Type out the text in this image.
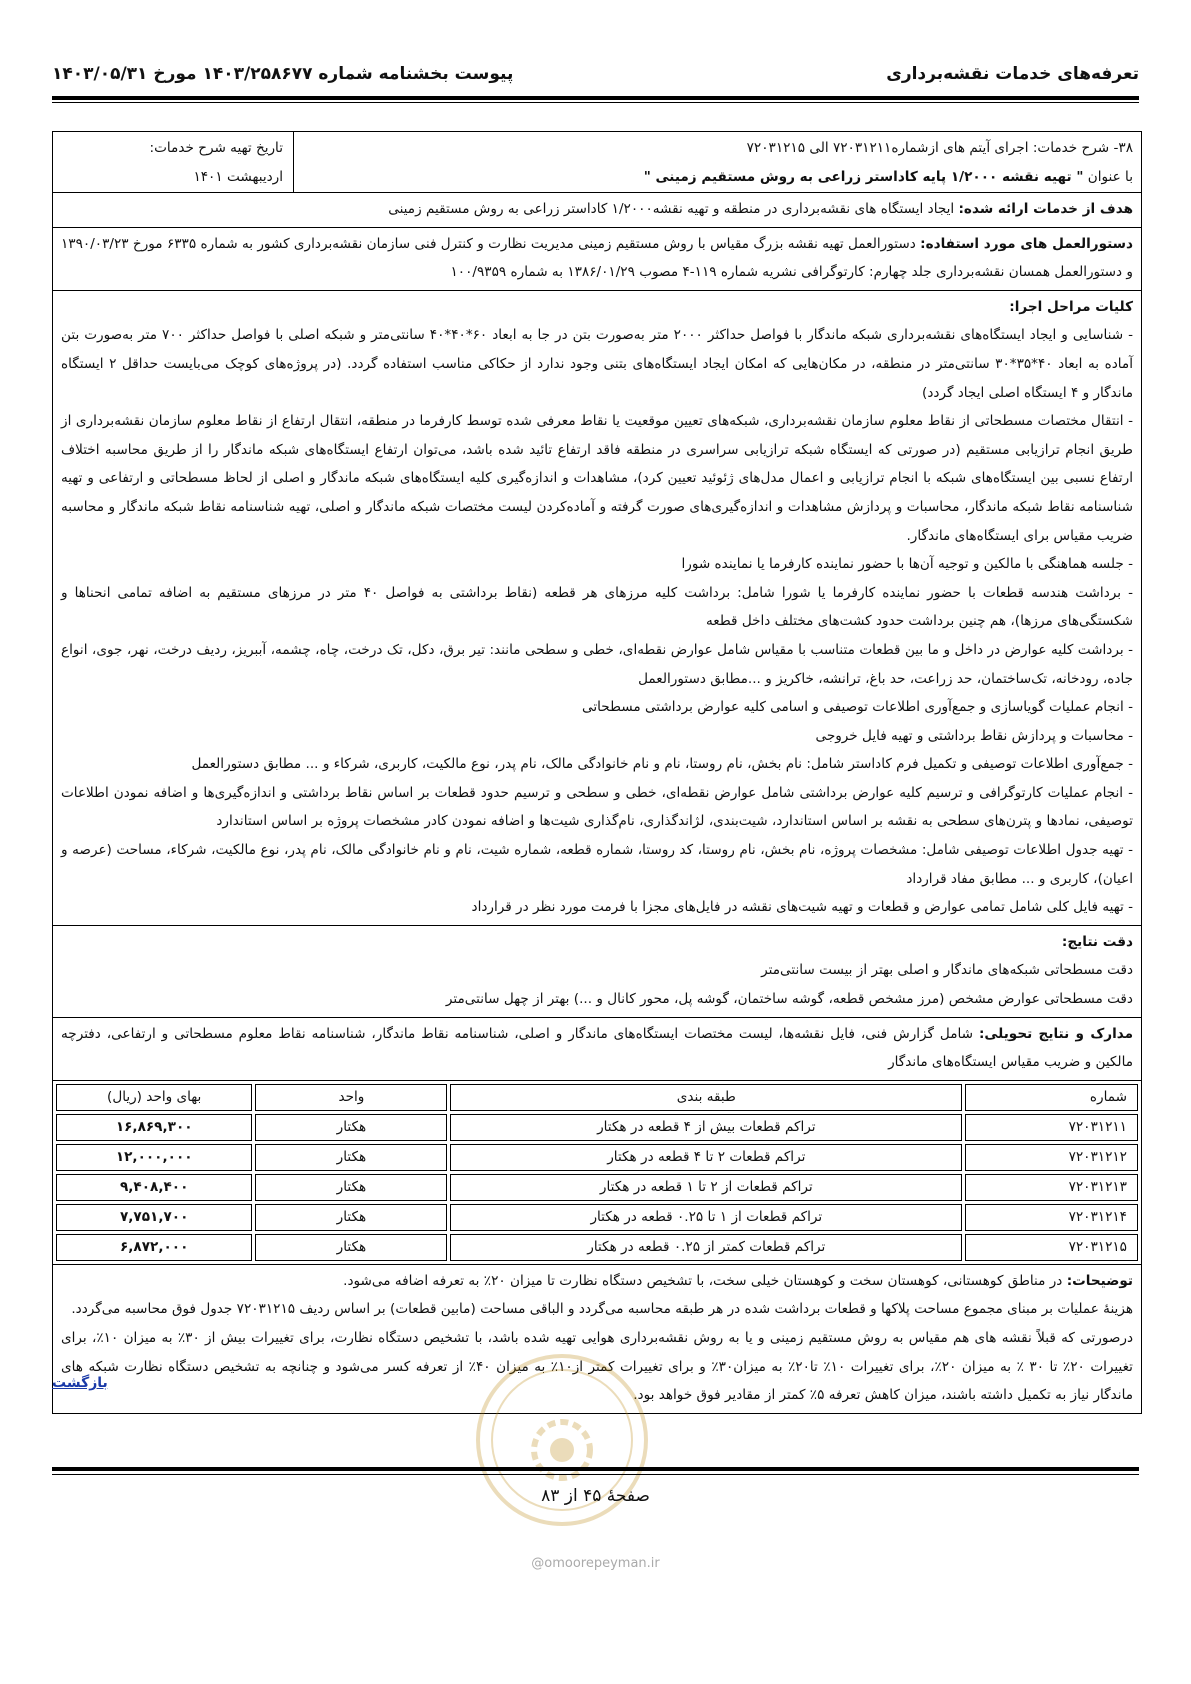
تعرفه‌های خدمات نقشه‌برداری
پیوست بخشنامه شماره ۱۴۰۳/۲۵۸۶۷۷ مورخ ۱۴۰۳/۰۵/۳۱
۳۸- شرح خدمات: اجرای آیتم های ازشماره۷۲۰۳۱۲۱۱ الی ۷۲۰۳۱۲۱۵
با عنوان " تهیه نقشه ۱/۲۰۰۰ پایه کاداستر زراعی به روش مستقیم زمینی "
تاریخ تهیه شرح خدمات:
اردیبهشت ۱۴۰۱
هدف از خدمات ارائه شده: ایجاد ایستگاه های نقشه‌برداری در منطقه و تهیه نقشه۱/۲۰۰۰ کاداستر زراعی به روش مستقیم زمینی
دستورالعمل های مورد استفاده: دستورالعمل تهیه نقشه بزرگ مقیاس با روش مستقیم زمینی مدیریت نظارت و کنترل فنی سازمان نقشه‌برداری کشور به شماره ۶۳۳۵ مورخ ۱۳۹۰/۰۳/۲۳ و دستورالعمل همسان نقشه‌برداری جلد چهارم: کارتوگرافی نشریه شماره ۱۱۹-۴ مصوب ۱۳۸۶/۰۱/۲۹ به شماره ۱۰۰/۹۳۵۹
کلیات مراحل اجرا:

- شناسایی و ایجاد ایستگاه‌های نقشه‌برداری شبکه ماندگار با فواصل حداکثر ۲۰۰۰ متر به‌صورت بتن در جا به ابعاد ۶۰*۴۰*۴۰ سانتی‌متر و شبکه اصلی با فواصل حداکثر ۷۰۰ متر به‌صورت بتن آماده به ابعاد ۴۰*۳۵*۳۰ سانتی‌متر در منطقه، در مکان‌هایی که امکان ایجاد ایستگاه‌های بتنی وجود ندارد از حکاکی مناسب استفاده گردد. (در پروژه‌های کوچک می‌بایست حداقل ۲ ایستگاه ماندگار و ۴ ایستگاه اصلی ایجاد گردد)

- انتقال مختصات مسطحاتی از نقاط معلوم سازمان نقشه‌برداری، شبکه‌های تعیین موقعیت یا نقاط معرفی شده توسط کارفرما در منطقه، انتقال ارتفاع از نقاط معلوم سازمان نقشه‌برداری از طریق انجام ترازیابی مستقیم (در صورتی که ایستگاه شبکه ترازیابی سراسری در منطقه فاقد ارتفاع تائید شده باشد، می‌توان ارتفاع ایستگاه‌های شبکه ماندگار را از طریق محاسبه اختلاف ارتفاع نسبی بین ایستگاه‌های شبکه با انجام ترازیابی و اعمال مدل‌های ژئوئید تعیین کرد)، مشاهدات و اندازه‌گیری کلیه ایستگاه‌های شبکه ماندگار و اصلی از لحاظ مسطحاتی و ارتفاعی و تهیه شناسنامه نقاط شبکه ماندگار، محاسبات و پردازش مشاهدات و اندازه‌گیری‌های صورت گرفته و آماده‌کردن لیست مختصات شبکه ماندگار و اصلی، تهیه شناسنامه نقاط شبکه ماندگار و محاسبه ضریب مقیاس برای ایستگاه‌های ماندگار.

- جلسه هماهنگی با مالکین و توجیه آن‌ها با حضور نماینده کارفرما یا نماینده شورا

- برداشت هندسه قطعات با حضور نماینده کارفرما یا شورا شامل: برداشت کلیه مرزهای هر قطعه (نقاط برداشتی به فواصل ۴۰ متر در مرزهای مستقیم به اضافه تمامی انحناها و شکستگی‌های مرزها)، هم چنین برداشت حدود کشت‌های مختلف داخل قطعه

- برداشت کلیه عوارض در داخل و ما بین قطعات متناسب با مقیاس شامل عوارض نقطه‌ای، خطی و سطحی مانند: تیر برق، دکل، تک درخت، چاه، چشمه، آببریز، ردیف درخت، نهر، جوی، انواع جاده، رودخانه، تک‌ساختمان، حد زراعت، حد باغ، ترانشه، خاکریز و ...مطابق دستورالعمل

- انجام عملیات گویاسازی و جمع‌آوری اطلاعات توصیفی و اسامی کلیه عوارض برداشتی مسطحاتی

- محاسبات و پردازش نقاط برداشتی و تهیه فایل خروجی

- جمع‌آوری اطلاعات توصیفی و تکمیل فرم کاداستر شامل: نام بخش، نام روستا، نام و نام خانوادگی مالک، نام پدر، نوع مالکیت، کاربری، شرکاء و ... مطابق دستورالعمل

- انجام عملیات کارتوگرافی و ترسیم کلیه عوارض برداشتی شامل عوارض نقطه‌ای، خطی و سطحی و ترسیم حدود قطعات بر اساس نقاط برداشتی و اندازه‌گیری‌ها و اضافه نمودن اطلاعات توصیفی، نمادها و پترن‌های سطحی به نقشه بر اساس استاندارد، شیت‌بندی، لژاندگذاری، نام‌گذاری شیت‌ها و اضافه نمودن کادر مشخصات پروژه بر اساس استاندارد

- تهیه جدول اطلاعات توصیفی شامل: مشخصات پروژه، نام بخش، نام روستا، کد روستا، شماره قطعه، شماره شیت، نام و نام خانوادگی مالک، نام پدر، نوع مالکیت، شرکاء، مساحت (عرصه و اعیان)، کاربری و ... مطابق مفاد قرارداد

- تهیه فایل کلی شامل تمامی عوارض و قطعات و تهیه شیت‌های نقشه در فایل‌های مجزا با فرمت مورد نظر در قرارداد

دقت نتایج:

دقت مسطحاتی شبکه‌های ماندگار و اصلی بهتر از بیست سانتی‌متر

دقت مسطحاتی عوارض مشخص (مرز مشخص قطعه، گوشه ساختمان، گوشه پل، محور کانال و ...) بهتر از چهل سانتی‌متر

مدارک و نتایج تحویلی: شامل گزارش فنی، فایل نقشه‌ها، لیست مختصات ایستگاه‌های ماندگار و اصلی، شناسنامه نقاط ماندگار، شناسنامه نقاط معلوم مسطحاتی و ارتفاعی، دفترچه مالکین و ضریب مقیاس ایستگاه‌های ماندگار
شماره	طبقه بندی	واحد	بهای واحد (ریال)
۷۲۰۳۱۲۱۱	تراکم قطعات بیش از ۴ قطعه در هکتار	هکتار	۱۶,۸۶۹,۳۰۰
۷۲۰۳۱۲۱۲	تراکم قطعات ۲ تا ۴ قطعه در هکتار	هکتار	۱۲,۰۰۰,۰۰۰
۷۲۰۳۱۲۱۳	تراکم قطعات از ۲ تا ۱ قطعه در هکتار	هکتار	۹,۴۰۸,۴۰۰
۷۲۰۳۱۲۱۴	تراکم قطعات از ۱ تا ۰.۲۵ قطعه در هکتار	هکتار	۷,۷۵۱,۷۰۰
۷۲۰۳۱۲۱۵	تراکم قطعات کمتر از ۰.۲۵ قطعه در هکتار	هکتار	۶,۸۷۲,۰۰۰
توضیحات: در مناطق کوهستانی، کوهستان سخت و کوهستان خیلی سخت، با تشخیص دستگاه نظارت تا میزان ۲۰٪ به تعرفه اضافه می‌شود.

هزینهٔ عملیات بر مبنای مجموع مساحت پلاکها و قطعات برداشت شده در هر طبقه محاسبه می‌گردد و الباقی مساحت (مابین قطعات) بر اساس ردیف ۷۲۰۳۱۲۱۵ جدول فوق محاسبه می‌گردد.

درصورتی که قبلاً نقشه های هم مقیاس به روش مستقیم زمینی و یا به روش نقشه‌برداری هوایی تهیه شده باشد، با تشخیص دستگاه نظارت، برای تغییرات بیش از ۳۰٪ به میزان ۱۰٪، برای تغییرات ۲۰٪ تا ۳۰ ٪ به میزان ۲۰٪، برای تغییرات ۱۰٪ تا۲۰٪ به میزان۳۰٪ و برای تغییرات کمتر از۱۰٪ به میزان ۴۰٪ از تعرفه کسر می‌شود و چنانچه به تشخیص دستگاه نظارت شبکه های ماندگار نیاز به تکمیل داشته باشند، میزان کاهش تعرفه ۵٪ کمتر از مقادیر فوق خواهد بود.

بازگشت
صفحهٔ ۴۵ از ۸۳
@omoorepeyman.ir
